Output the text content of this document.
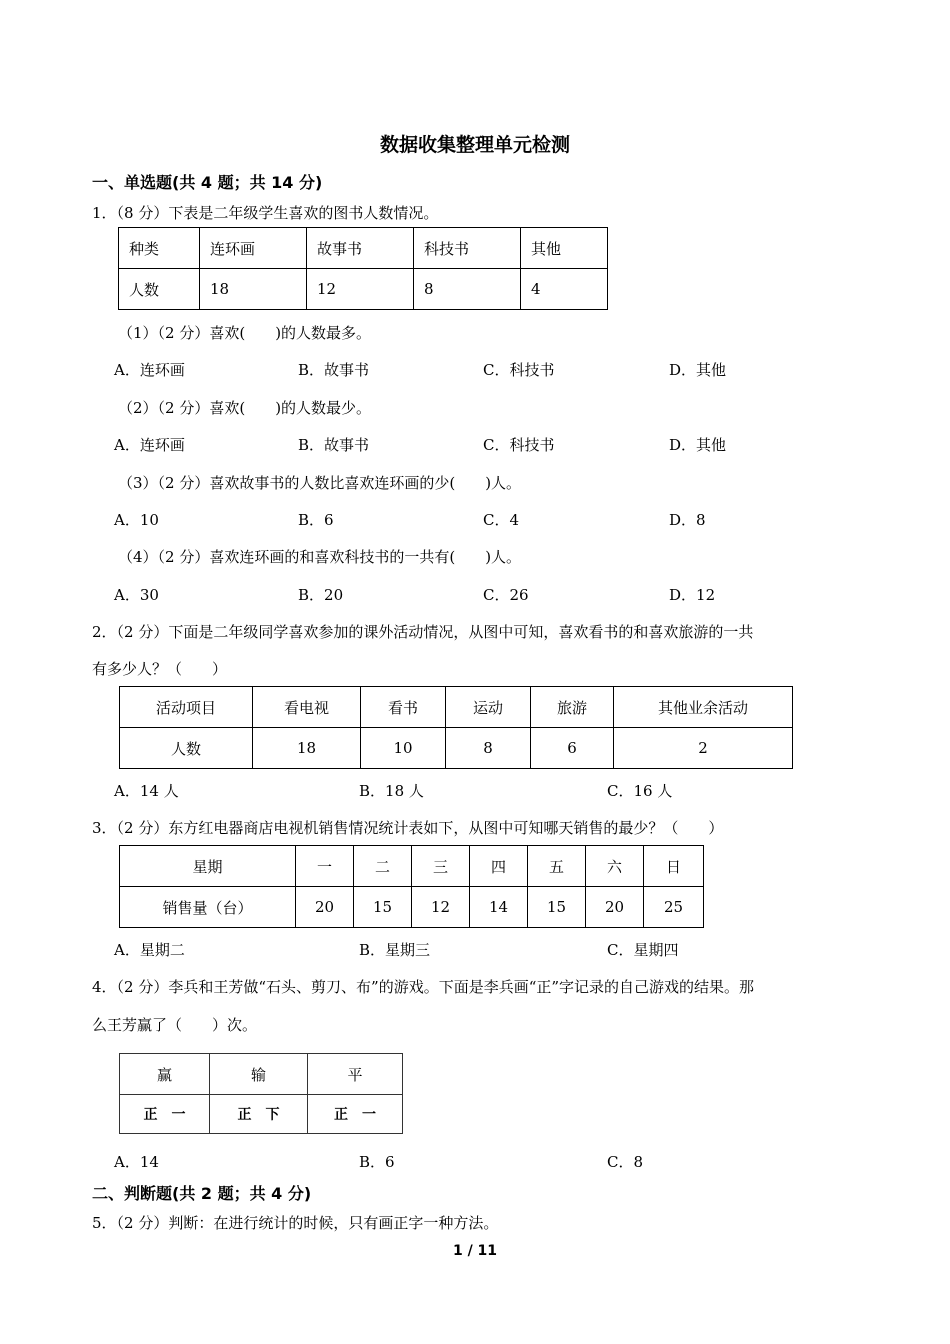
数据收集整理单元检测
一、单选题(共 4 题；共 14 分)
1．（8 分）下表是二年级学生喜欢的图书人数情况。
种类	连环画	故事书	科技书	其他
人数	18	12	8	4
（1）（2 分）喜欢(　　)的人数最多。
A．连环画	B．故事书	C．科技书	D．其他
（2）（2 分）喜欢(　　)的人数最少。
A．连环画	B．故事书	C．科技书	D．其他
（3）（2 分）喜欢故事书的人数比喜欢连环画的少(　　)人。
A．10	B．6	C．4	D．8
（4）（2 分）喜欢连环画的和喜欢科技书的一共有(　　)人。
A．30	B．20	C．26	D．12
2．（2 分）下面是二年级同学喜欢参加的课外活动情况，从图中可知，喜欢看书的和喜欢旅游的一共
有多少人？（　　）
活动项目	看电视	看书	运动	旅游	其他业余活动
人数	18	10	8	6	2
A．14 人	B．18 人	C．16 人
3．（2 分）东方红电器商店电视机销售情况统计表如下，从图中可知哪天销售的最少？（　　）
星期	一	二	三	四	五	六	日
销售量（台）	20	15	12	14	15	20	25
A．星期二	B．星期三	C．星期四
4．（2 分）李兵和王芳做“石头、剪刀、布”的游戏。下面是李兵画“正”字记录的自己游戏的结果。那
么王芳赢了（　　）次。
赢	输	平
正　一	正　下	正　一
A．14	B．6	C．8
二、判断题(共 2 题；共 4 分)
5．（2 分）判断：在进行统计的时候，只有画正字一种方法。
1 / 11
